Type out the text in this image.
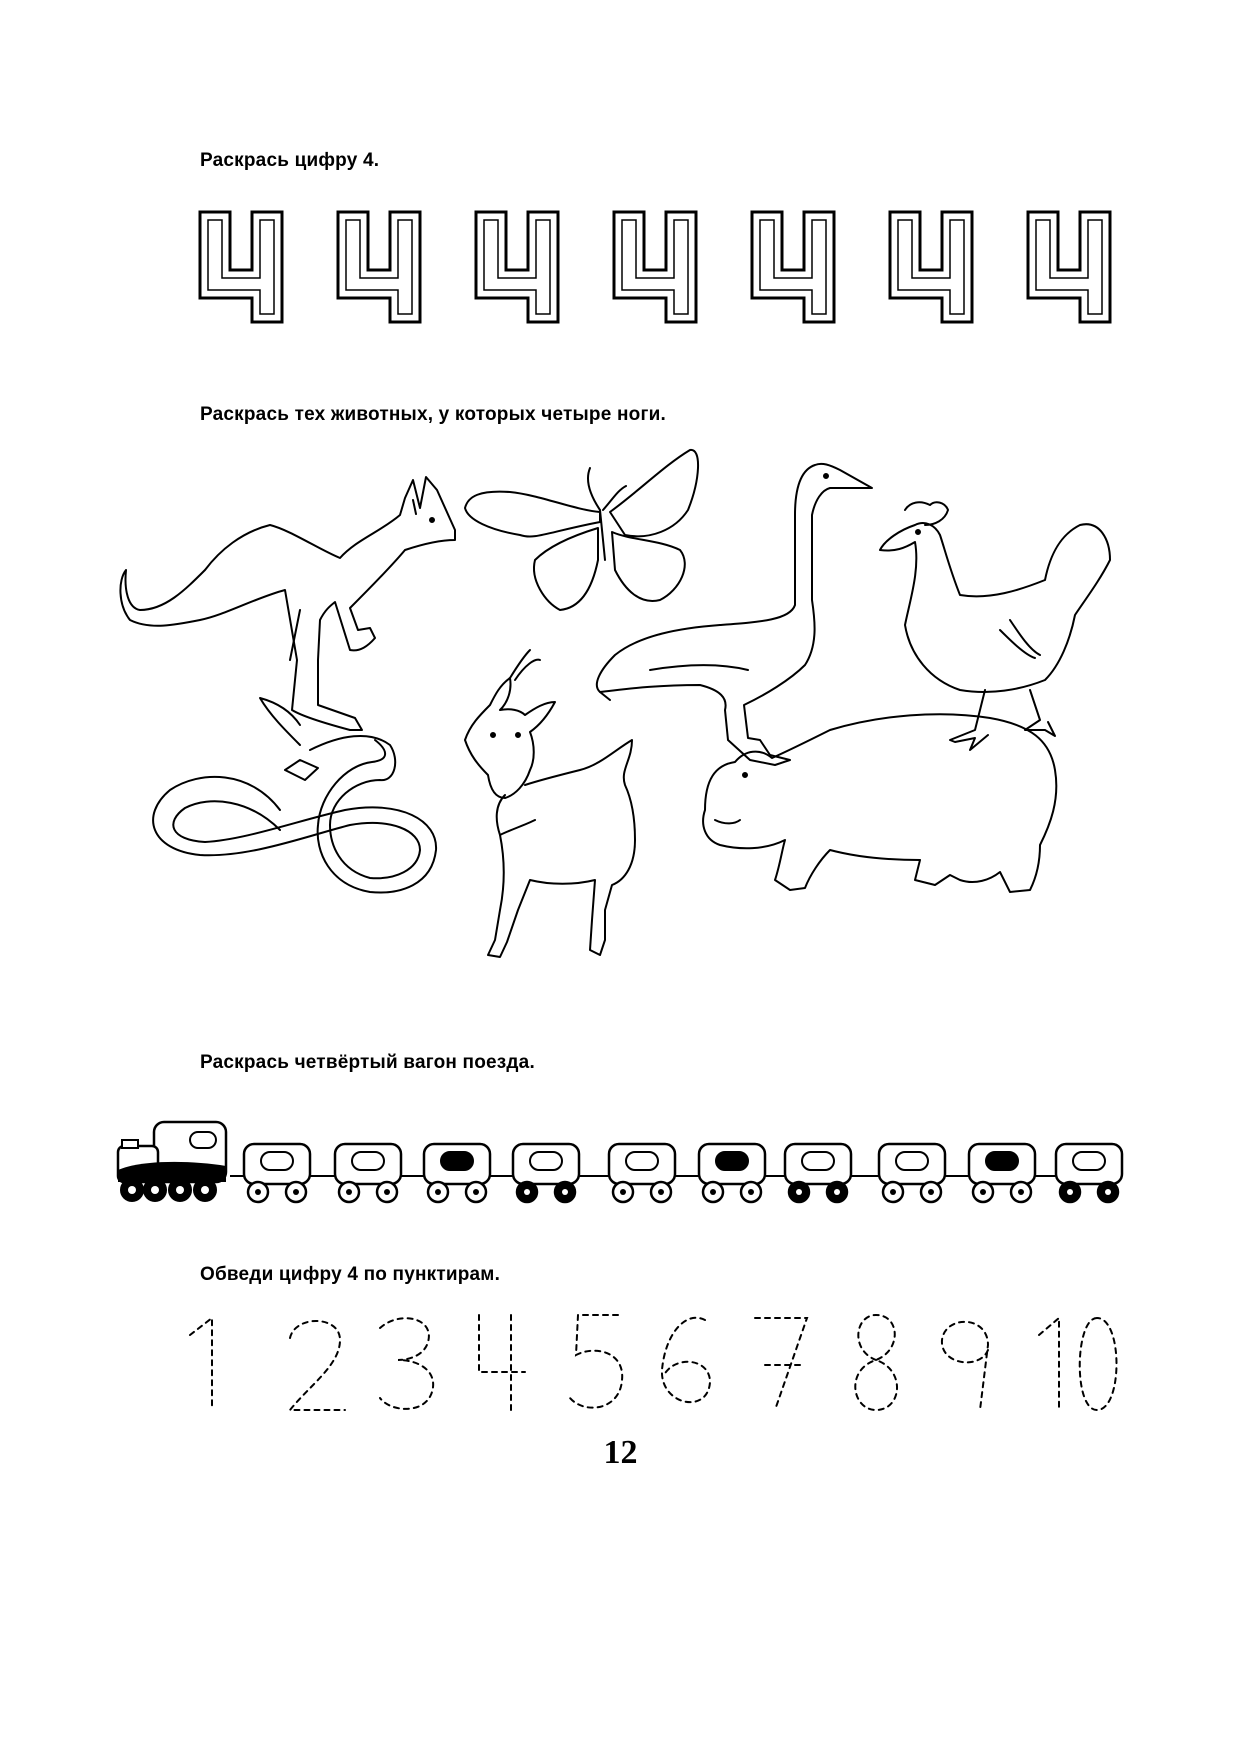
Раскрась цифру 4.
Раскрась тех животных, у которых четыре ноги.
Раскрась четвёртый вагон поезда.
Обведи цифру 4 по пунктирам.
12
